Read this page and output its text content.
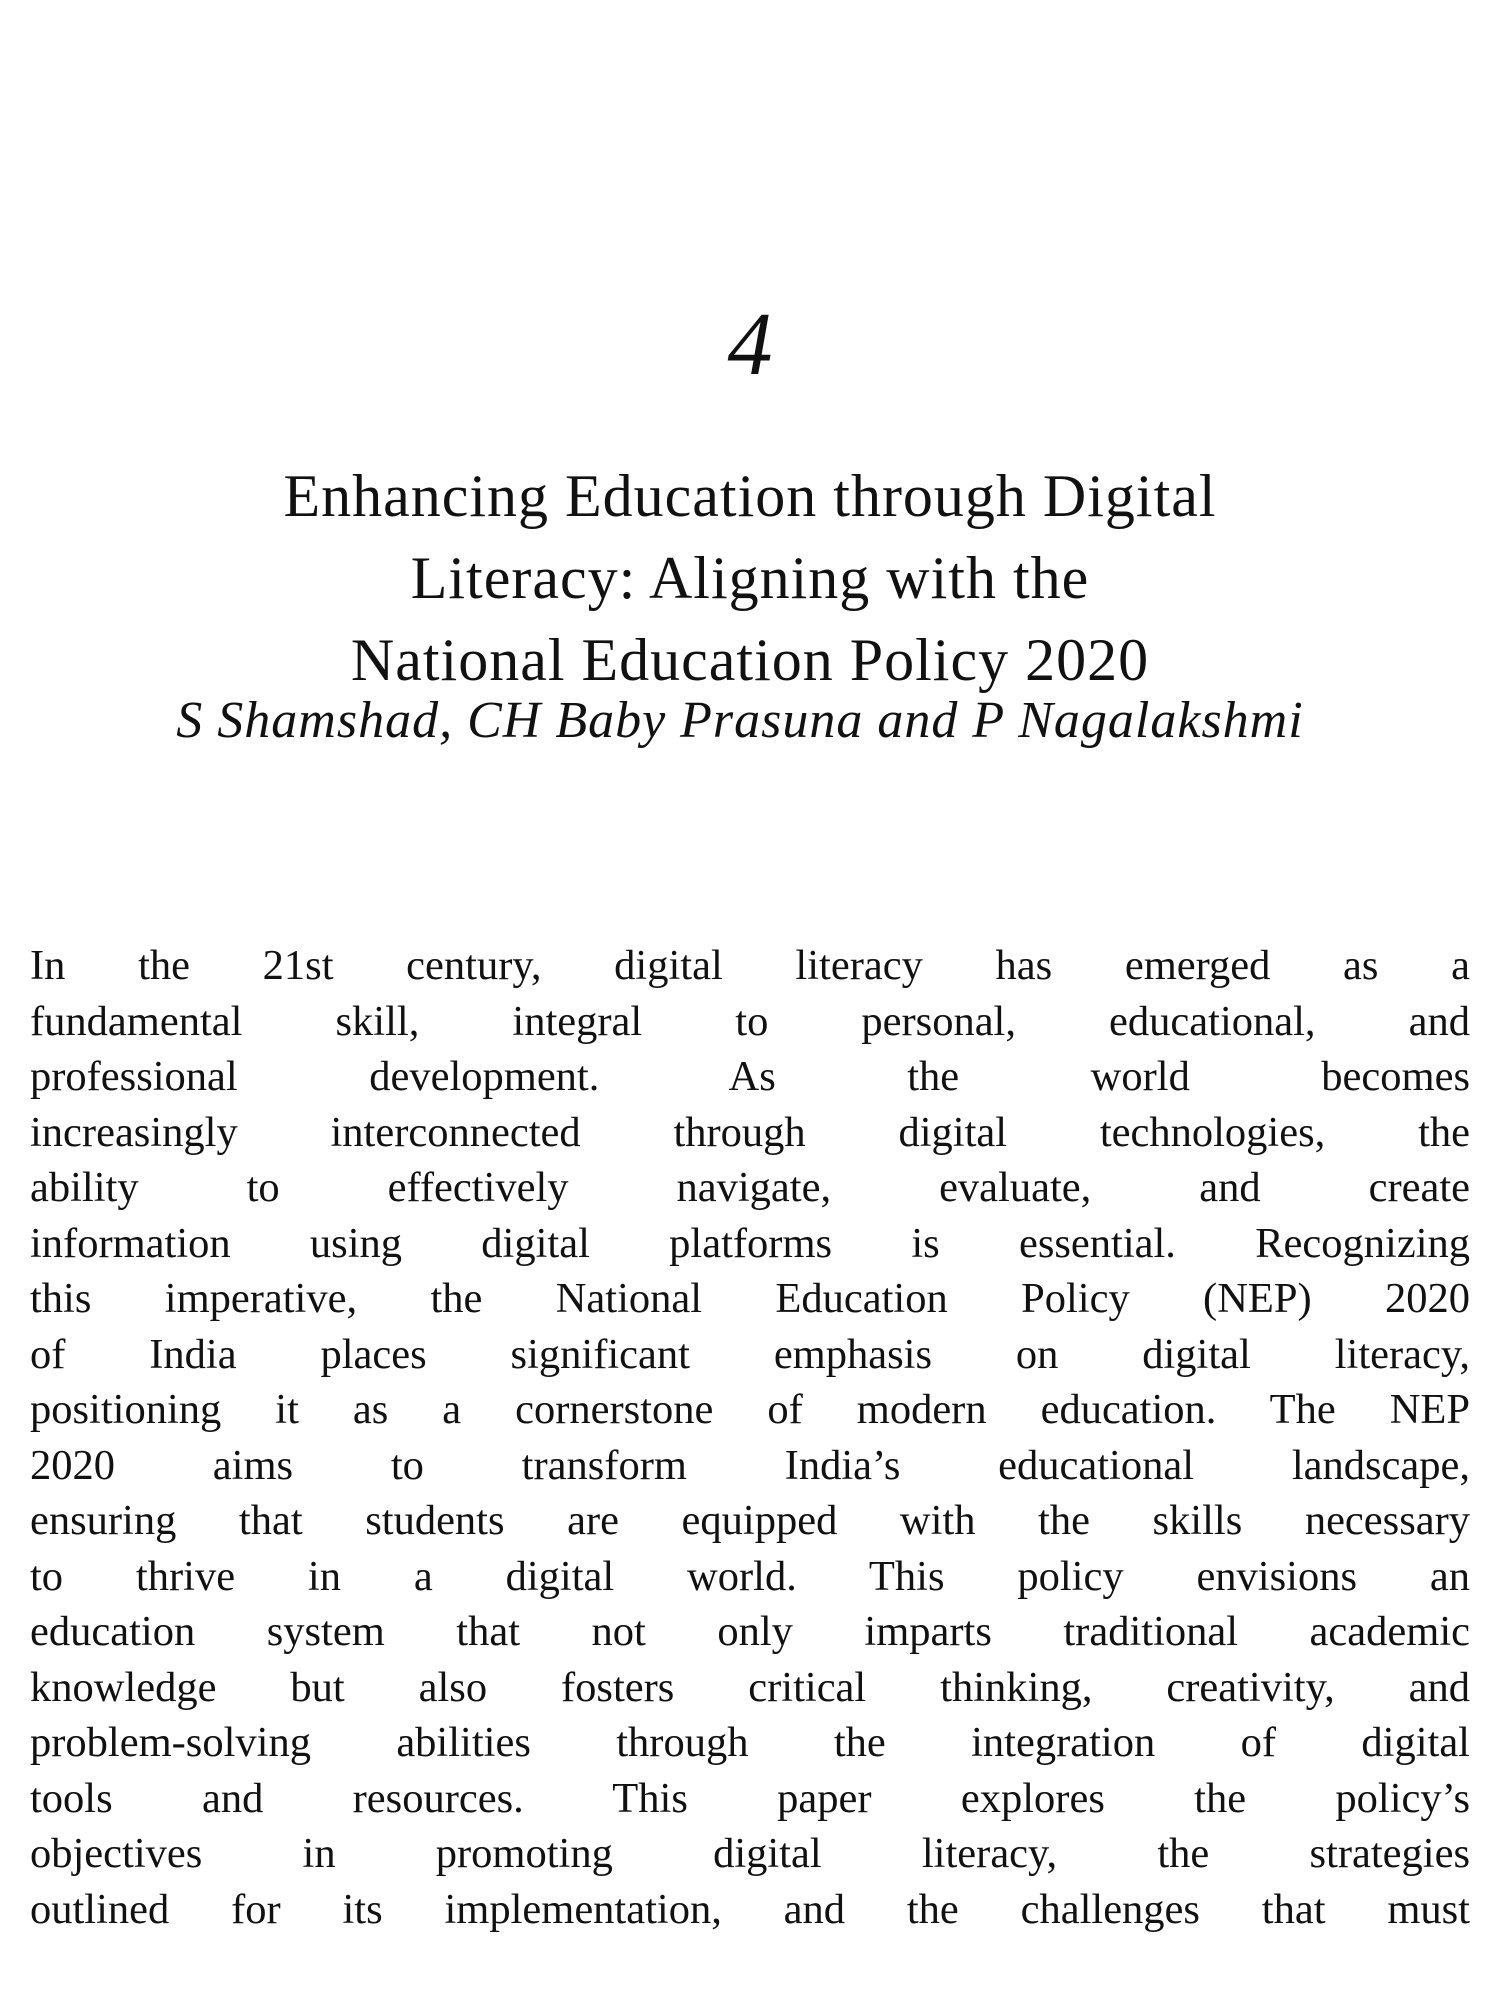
4
Enhancing Education through Digital
Literacy: Aligning with the
National Education Policy 2020
S Shamshad, CH Baby Prasuna and P Nagalakshmi
In the 21st century, digital literacy has emerged as a
fundamental skill, integral to personal, educational, and
professional development. As the world becomes
increasingly interconnected through digital technologies, the
ability to effectively navigate, evaluate, and create
information using digital platforms is essential. Recognizing
this imperative, the National Education Policy (NEP) 2020
of India places significant emphasis on digital literacy,
positioning it as a cornerstone of modern education. The NEP
2020 aims to transform India’s educational landscape,
ensuring that students are equipped with the skills necessary
to thrive in a digital world. This policy envisions an
education system that not only imparts traditional academic
knowledge but also fosters critical thinking, creativity, and
problem-solving abilities through the integration of digital
tools and resources. This paper explores the policy’s
objectives in promoting digital literacy, the strategies
outlined for its implementation, and the challenges that must
